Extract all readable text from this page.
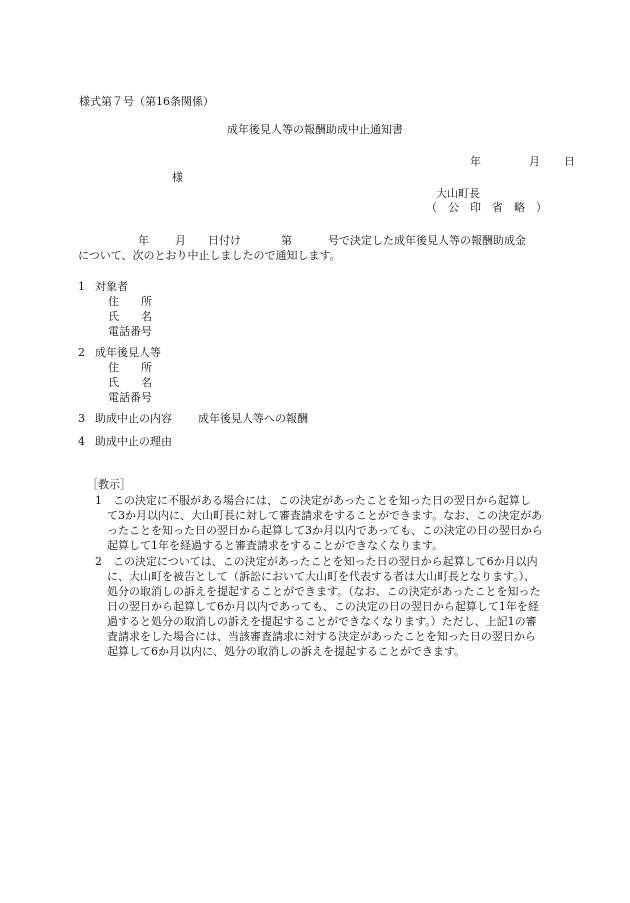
様式第７号（第16条関係）
成年後見人等の報酬助成中止通知書
年	月 日
様
大山町長
（　公　印　省　略　）
年 月 日付け	第	号で決定した成年後見人等の報酬助成金
について、次のとおり中止しましたので通知します。
1 対象者
住　　所
氏　　名
電話番号
2 成年後見人等
住　　所
氏　　名
電話番号
3 助成中止の内容 成年後見人等への報酬
4 助成中止の理由
［教示］
1　この決定に不服がある場合には、この決定があったことを知った日の翌日から起算し
て3か月以内に、大山町長に対して審査請求をすることができます。なお、この決定があ
ったことを知った日の翌日から起算して3か月以内であっても、この決定の日の翌日から
起算して1年を経過すると審査請求をすることができなくなります。
2　この決定については、この決定があったことを知った日の翌日から起算して6か月以内
に、大山町を被告として（訴訟において大山町を代表する者は大山町長となります。）、
処分の取消しの訴えを提起することができます。（なお、この決定があったことを知った
日の翌日から起算して6か月以内であっても、この決定の日の翌日から起算して1年を経
過すると処分の取消しの訴えを提起することができなくなります。）ただし、上記1の審
査請求をした場合には、当該審査請求に対する決定があったことを知った日の翌日から
起算して6か月以内に、処分の取消しの訴えを提起することができます。
